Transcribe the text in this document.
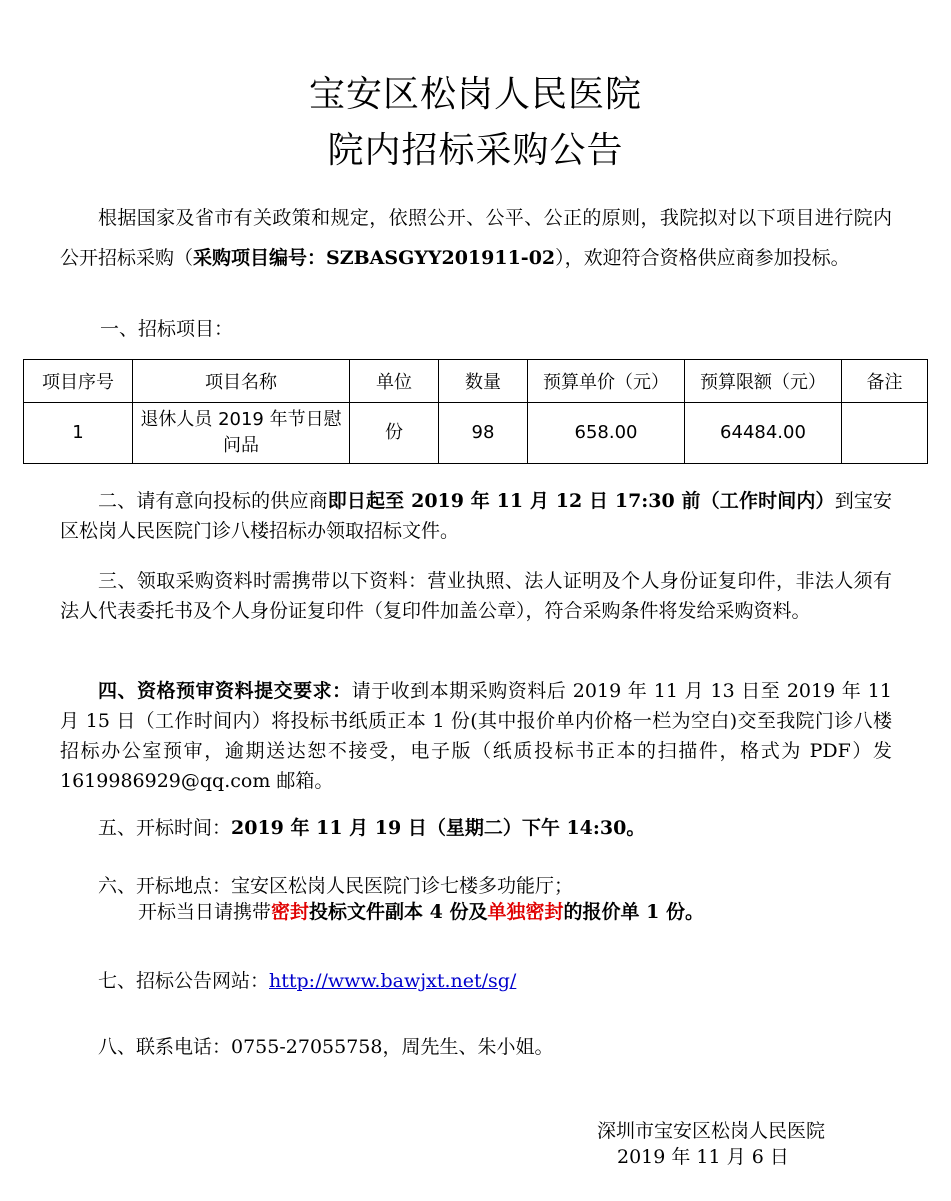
宝安区松岗人民医院
院内招标采购公告
根据国家及省市有关政策和规定，依照公开、公平、公正的原则，我院拟对以下项目进行院内公开招标采购（采购项目编号：SZBASGYY201911-02），欢迎符合资格供应商参加投标。
一、招标项目：
项目序号	项目名称	单位	数量	预算单价（元）	预算限额（元）	备注
1	退休人员 2019 年节日慰问品	份	98	658.00	64484.00	
二、请有意向投标的供应商即日起至 2019 年 11 月 12 日 17:30 前（工作时间内）到宝安区松岗人民医院门诊八楼招标办领取招标文件。
三、领取采购资料时需携带以下资料：营业执照、法人证明及个人身份证复印件，非法人须有法人代表委托书及个人身份证复印件（复印件加盖公章），符合采购条件将发给采购资料。
四、资格预审资料提交要求：请于收到本期采购资料后 2019 年 11 月 13 日至 2019 年 11 月 15 日（工作时间内）将投标书纸质正本 1 份(其中报价单内价格一栏为空白)交至我院门诊八楼招标办公室预审，逾期送达恕不接受，电子版（纸质投标书正本的扫描件，格式为 PDF）发 1619986929@qq.com 邮箱。
五、开标时间：2019 年 11 月 19 日（星期二）下午 14:30。
六、开标地点：宝安区松岗人民医院门诊七楼多功能厅；
开标当日请携带密封投标文件副本 4 份及单独密封的报价单 1 份。
七、招标公告网站：http://www.bawjxt.net/sg/
八、联系电话：0755-27055758，周先生、朱小姐。
深圳市宝安区松岗人民医院
2019 年 11 月 6 日
